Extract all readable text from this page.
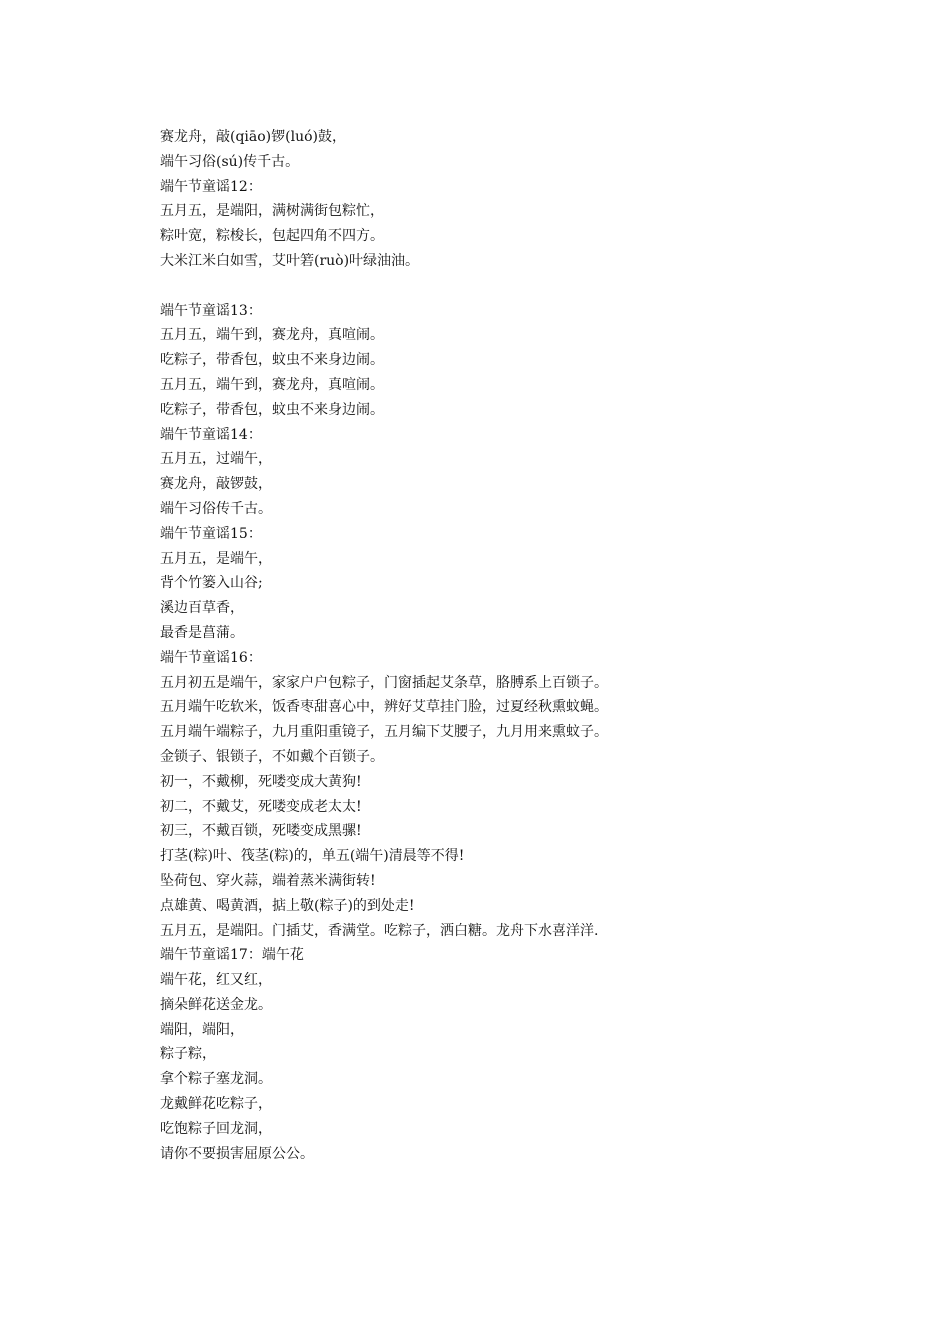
赛龙舟，敲(qiāo)锣(luó)鼓，
端午习俗(sú)传千古。
端午节童谣12：
五月五，是端阳，满树满街包粽忙，
粽叶宽，粽梭长，包起四角不四方。
大米江米白如雪，艾叶箬(ruò)叶绿油油。
端午节童谣13：
五月五，端午到，赛龙舟，真喧闹。
吃粽子，带香包，蚊虫不来身边闹。
五月五，端午到，赛龙舟，真喧闹。
吃粽子，带香包，蚊虫不来身边闹。
端午节童谣14：
五月五，过端午，
赛龙舟，敲锣鼓，
端午习俗传千古。
端午节童谣15：
五月五，是端午，
背个竹篓入山谷;
溪边百草香，
最香是菖蒲。
端午节童谣16：
五月初五是端午，家家户户包粽子，门窗插起艾条草，胳膊系上百锁子。
五月端午吃软米，饭香枣甜喜心中，辨好艾草挂门脸，过夏经秋熏蚊蝇。
五月端午端粽子，九月重阳重镜子，五月编下艾腰子，九月用来熏蚊子。
金锁子、银锁子，不如戴个百锁子。
初一，不戴柳，死喽变成大黄狗!
初二，不戴艾，死喽变成老太太!
初三，不戴百锁，死喽变成黑骡!
打茎(粽)叶、筏茎(粽)的，单五(端午)清晨等不得!
坠荷包、穿火蒜，端着蒸米满街转!
点雄黄、喝黄酒，掂上敬(粽子)的到处走!
五月五，是端阳。门插艾，香满堂。吃粽子，洒白糖。龙舟下水喜洋洋.
端午节童谣17：端午花
端午花，红又红，
摘朵鲜花送金龙。
端阳，端阳，
粽子粽，
拿个粽子塞龙洞。
龙戴鲜花吃粽子，
吃饱粽子回龙洞，
请你不要损害屈原公公。
